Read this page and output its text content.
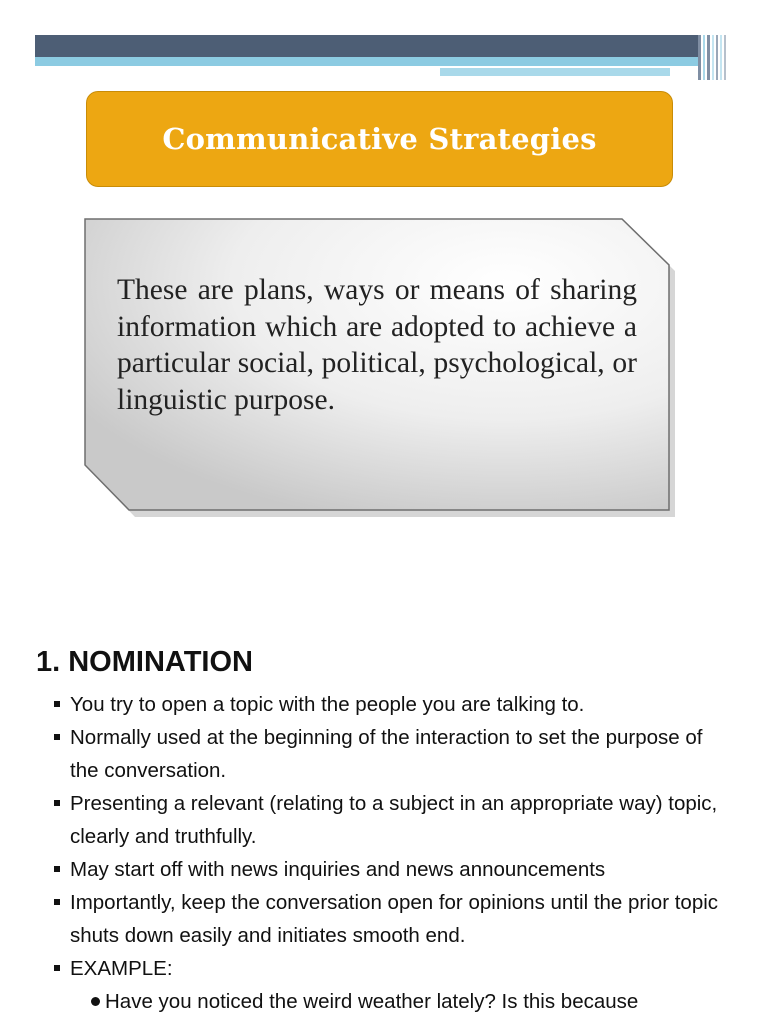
Communicative Strategies
These are plans, ways or means of sharing information which are adopted to achieve a particular social, political, psychological, or linguistic purpose.
1. NOMINATION
You try to open a topic with the people you are talking to.
Normally used at the beginning of the interaction to set the purpose of the conversation.
Presenting a relevant (relating to a subject in an appropriate way) topic, clearly and truthfully.
May start off with news inquiries and news announcements
Importantly, keep the conversation open for opinions until the prior topic shuts down easily and initiates smooth end.
EXAMPLE:
Have you noticed the weird weather lately? Is this because
